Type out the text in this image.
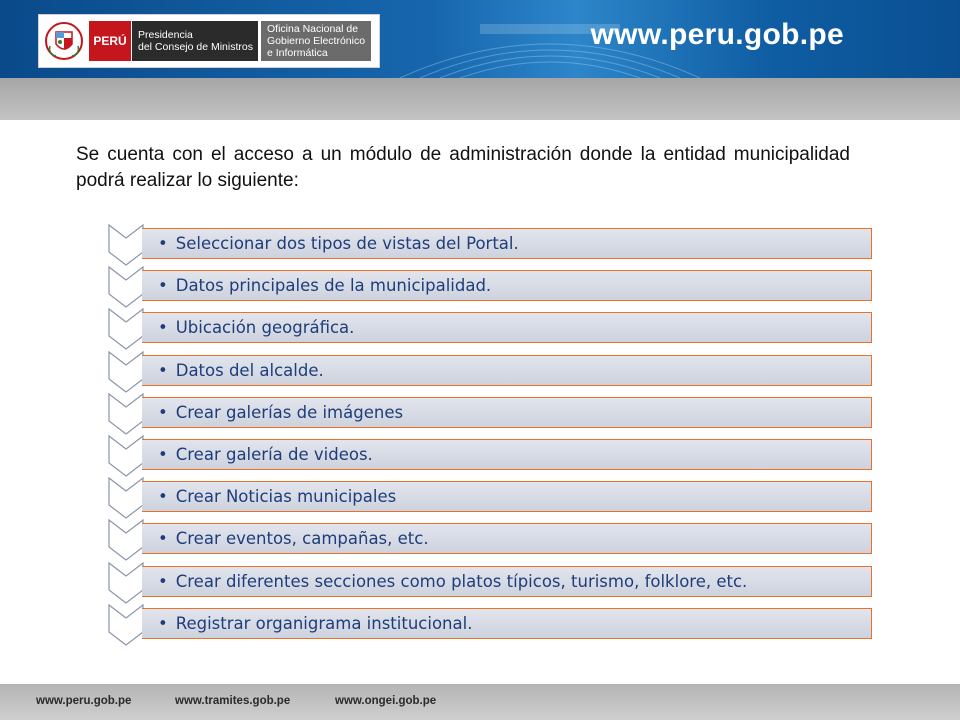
PERÚ	Presidencia
del Consejo de Ministros
Oficina Nacional de
Gobierno Electrónico
e Informática
www.peru.gob.pe
Se cuenta con el acceso a un módulo de administración donde la entidad municipalidad podrá realizar lo siguiente:
• Seleccionar dos tipos de vistas del Portal.
• Datos principales de la municipalidad.
• Ubicación geográfica.
• Datos del alcalde.
• Crear galerías de imágenes
• Crear galería de videos.
• Crear Noticias municipales
• Crear eventos, campañas, etc.
• Crear diferentes secciones como platos típicos, turismo, folklore, etc.
• Registrar organigrama institucional.
www.peru.gob.pe	www.tramites.gob.pe	www.ongei.gob.pe
